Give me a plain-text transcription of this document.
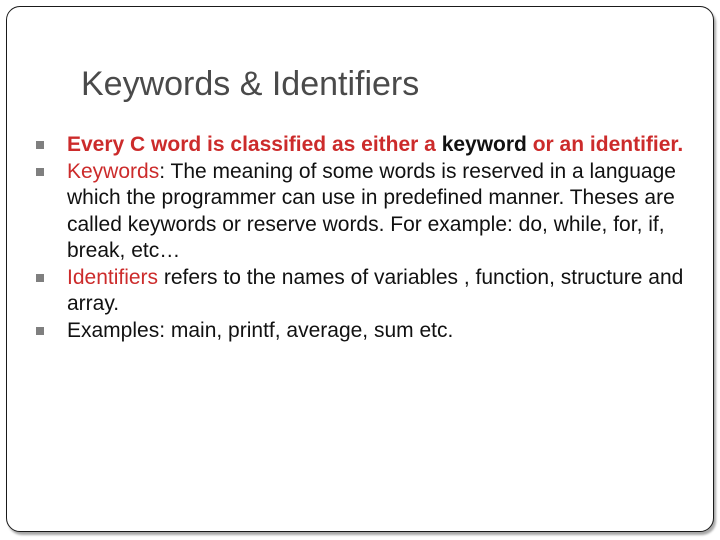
Keywords & Identifiers
Every C word is classified as either a keyword or an identifier.
Keywords: The meaning of some words is reserved in a language which the programmer can use in predefined manner. Theses are called keywords or reserve words. For example: do, while, for, if, break, etc…
Identifiers refers to the names of variables , function, structure and array.
Examples: main, printf, average, sum etc.
